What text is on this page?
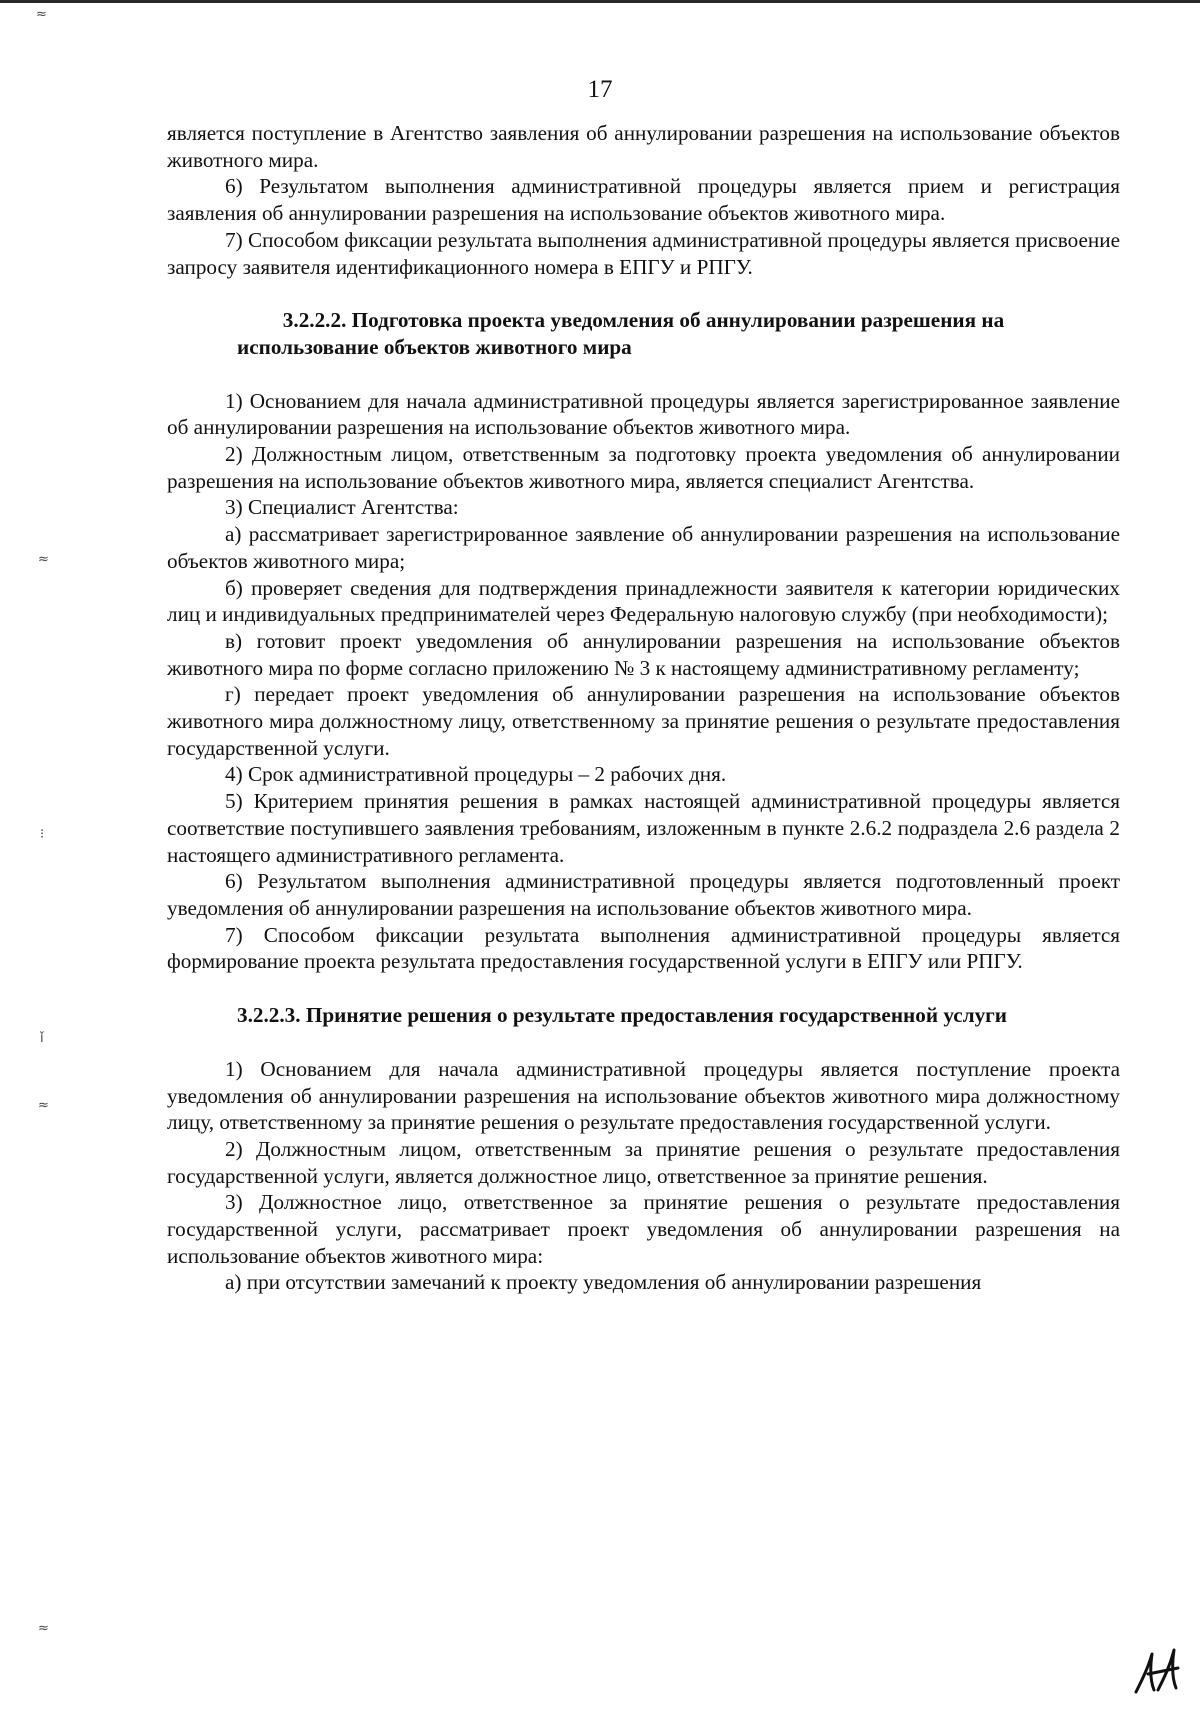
17
≈
≈
≈
≈
⁝
ǐ

является поступление в Агентство заявления об аннулировании разрешения на использование объектов животного мира.

6) Результатом выполнения административной процедуры является прием и регистрация заявления об аннулировании разрешения на использование объектов животного мира.

7) Способом фиксации результата выполнения административной процедуры является присвоение запросу заявителя идентификационного номера в ЕПГУ и РПГУ.

3.2.2.2. Подготовка проекта уведомления об аннулировании разрешения на использование объектов животного мира

1) Основанием для начала административной процедуры является зарегистрированное заявление об аннулировании разрешения на использование объектов животного мира.

2) Должностным лицом, ответственным за подготовку проекта уведомления об аннулировании разрешения на использование объектов животного мира, является специалист Агентства.

3) Специалист Агентства:

а) рассматривает зарегистрированное заявление об аннулировании разрешения на использование объектов животного мира;

б) проверяет сведения для подтверждения принадлежности заявителя к категории юридических лиц и индивидуальных предпринимателей через Федеральную налоговую службу (при необходимости);

в) готовит проект уведомления об аннулировании разрешения на использование объектов животного мира по форме согласно приложению № 3 к настоящему административному регламенту;

г) передает проект уведомления об аннулировании разрешения на использование объектов животного мира должностному лицу, ответственному за принятие решения о результате предоставления государственной услуги.

4) Срок административной процедуры – 2 рабочих дня.

5) Критерием принятия решения в рамках настоящей административной процедуры является соответствие поступившего заявления требованиям, изложенным в пункте 2.6.2 подраздела 2.6 раздела 2 настоящего административного регламента.

6) Результатом выполнения административной процедуры является подготовленный проект уведомления об аннулировании разрешения на использование объектов животного мира.

7) Способом фиксации результата выполнения административной процедуры является формирование проекта результата предоставления государственной услуги в ЕПГУ или РПГУ.

3.2.2.3. Принятие решения о результате предоставления государственной услуги

1) Основанием для начала административной процедуры является поступление проекта уведомления об аннулировании разрешения на использование объектов животного мира должностному лицу, ответственному за принятие решения о результате предоставления государственной услуги.

2) Должностным лицом, ответственным за принятие решения о результате предоставления государственной услуги, является должностное лицо, ответственное за принятие решения.

3) Должностное лицо, ответственное за принятие решения о результате предоставления государственной услуги, рассматривает проект уведомления об аннулировании разрешения на использование объектов животного мира:

а) при отсутствии замечаний к проекту уведомления об аннулировании разрешения
